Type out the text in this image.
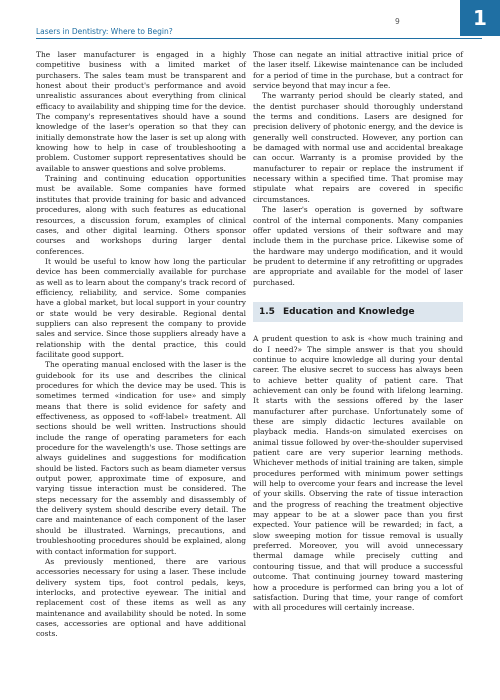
Lasers in Dentistry: Where to Begin?
9	1

The laser manufacturer is engaged in a highly competitive business with a limited market of purchasers. The sales team must be transparent and honest about their product's performance and avoid unrealistic assurances about everything from clinical efficacy to availability and shipping time for the device. The company's representatives should have a sound knowledge of the laser's operation so that they can initially demonstrate how the laser is set up along with knowing how to help in case of troubleshooting a problem. Customer support representatives should be available to answer questions and solve problems.

Training and continuing education opportunities must be available. Some companies have formed institutes that provide training for basic and advanced procedures, along with such features as educational resources, a discussion forum, examples of clinical cases, and other digital learning. Others sponsor courses and workshops during larger dental conferences.

It would be useful to know how long the particular device has been commercially available for purchase as well as to learn about the company's track record of efficiency, reliability, and service. Some companies have a global market, but local support in your country or state would be very desirable. Regional dental suppliers can also represent the company to provide sales and service. Since those suppliers already have a relationship with the dental practice, this could facilitate good support.

The operating manual enclosed with the laser is the guidebook for its use and describes the clinical procedures for which the device may be used. This is sometimes termed «indication for use» and simply means that there is solid evidence for safety and effectiveness, as opposed to «off-label» treatment. All sections should be well written. Instructions should include the range of operating parameters for each procedure for the wavelength's use. Those settings are always guidelines and suggestions for modification should be listed. Factors such as beam diameter versus output power, approximate time of exposure, and varying tissue interaction must be considered. The steps necessary for the assembly and disassembly of the delivery system should describe every detail. The care and maintenance of each component of the laser should be illustrated. Warnings, precautions, and troubleshooting procedures should be explained, along with contact information for support.

As previously mentioned, there are various accessories necessary for using a laser. These include delivery system tips, foot control pedals, keys, interlocks, and protective eyewear. The initial and replacement cost of these items as well as any maintenance and availability should be noted. In some cases, accessories are optional and have additional costs.

Those can negate an initial attractive initial price of the laser itself. Likewise maintenance can be included for a period of time in the purchase, but a contract for service beyond that may incur a fee.

The warranty period should be clearly stated, and the dentist purchaser should thoroughly understand the terms and conditions. Lasers are designed for precision delivery of photonic energy, and the device is generally well constructed. However, any portion can be damaged with normal use and accidental breakage can occur. Warranty is a promise provided by the manufacturer to repair or replace the instrument if necessary within a specified time. That promise may stipulate what repairs are covered in specific circumstances.

The laser's operation is governed by software control of the internal components. Many companies offer updated versions of their software and may include them in the purchase price. Likewise some of the hardware may undergo modification, and it would be prudent to determine if any retrofitting or upgrades are appropriate and available for the model of laser purchased.

1.5 Education and Knowledge

A prudent question to ask is «how much training and do I need?» The simple answer is that you should continue to acquire knowledge all during your dental career. The elusive secret to success has always been to achieve better quality of patient care. That achievement can only be found with lifelong learning. It starts with the sessions offered by the laser manufacturer after purchase. Unfortunately some of these are simply didactic lectures available on playback media. Hands-on simulated exercises on animal tissue followed by over-the-shoulder supervised patient care are very superior learning methods. Whichever methods of initial training are taken, simple procedures performed with minimum power settings will help to overcome your fears and increase the level of your skills. Observing the rate of tissue interaction and the progress of reaching the treatment objective may appear to be at a slower pace than you first expected. Your patience will be rewarded; in fact, a slow sweeping motion for tissue removal is usually preferred. Moreover, you will avoid unnecessary thermal damage while precisely cutting and contouring tissue, and that will produce a successful outcome. That continuing journey toward mastering how a procedure is performed can bring you a lot of satisfaction. During that time, your range of comfort with all procedures will certainly increase.
